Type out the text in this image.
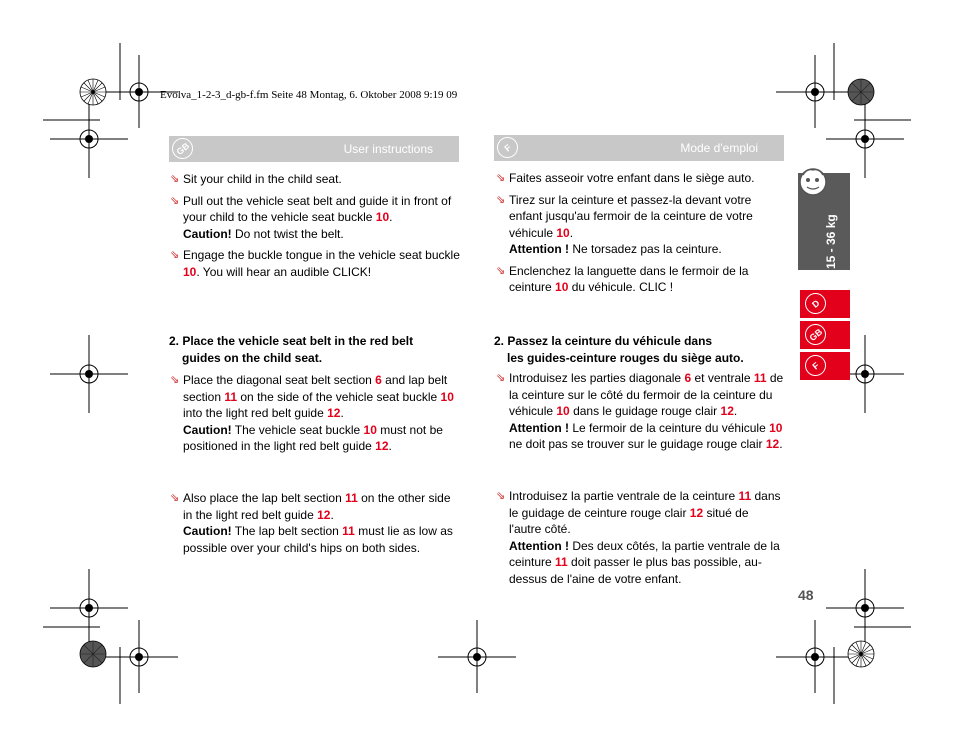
Evolva_1-2-3_d-gb-f.fm Seite 48 Montag, 6. Oktober 2008 9:19 09
GB	User instructions	F	Mode d'emploi

⇘ Sit your child in the child seat.

⇘ Pull out the vehicle seat belt and guide it in front of your child to the vehicle seat buckle 10.
Caution! Do not twist the belt.

⇘ Engage the buckle tongue in the vehicle seat buckle 10. You will hear an audible CLICK!

2. Place the vehicle seat belt in the red belt
guides on the child seat.

⇘ Place the diagonal seat belt section 6 and lap belt section 11 on the side of the vehicle seat buckle 10 into the light red belt guide 12.
Caution! The vehicle seat buckle 10 must not be positioned in the light red belt guide 12.

⇘ Also place the lap belt section 11 on the other side in the light red belt guide 12.
Caution! The lap belt section 11 must lie as low as possible over your child's hips on both sides.

⇘ Faites asseoir votre enfant dans le siège auto.

⇘ Tirez sur la ceinture et passez-la devant votre enfant jusqu'au fermoir de la ceinture de votre véhicule 10.
Attention ! Ne torsadez pas la ceinture.

⇘ Enclenchez la languette dans le fermoir de la ceinture 10 du véhicule. CLIC !

2. Passez la ceinture du véhicule dans
les guides-ceinture rouges du siège auto.

⇘ Introduisez les parties diagonale 6 et ventrale 11 de la ceinture sur le côté du fermoir de la ceinture du véhicule 10 dans le guidage rouge clair 12.
Attention ! Le fermoir de la ceinture du véhicule 10 ne doit pas se trouver sur le guidage rouge clair 12.

⇘ Introduisez la partie ventrale de la ceinture 11 dans le guidage de ceinture rouge clair 12 situé de l'autre côté.
Attention ! Des deux côtés, la partie ventrale de la ceinture 11 doit passer le plus bas possible, au-dessus de l'aine de votre enfant.

15 - 36 kg
D
GB
F
48
